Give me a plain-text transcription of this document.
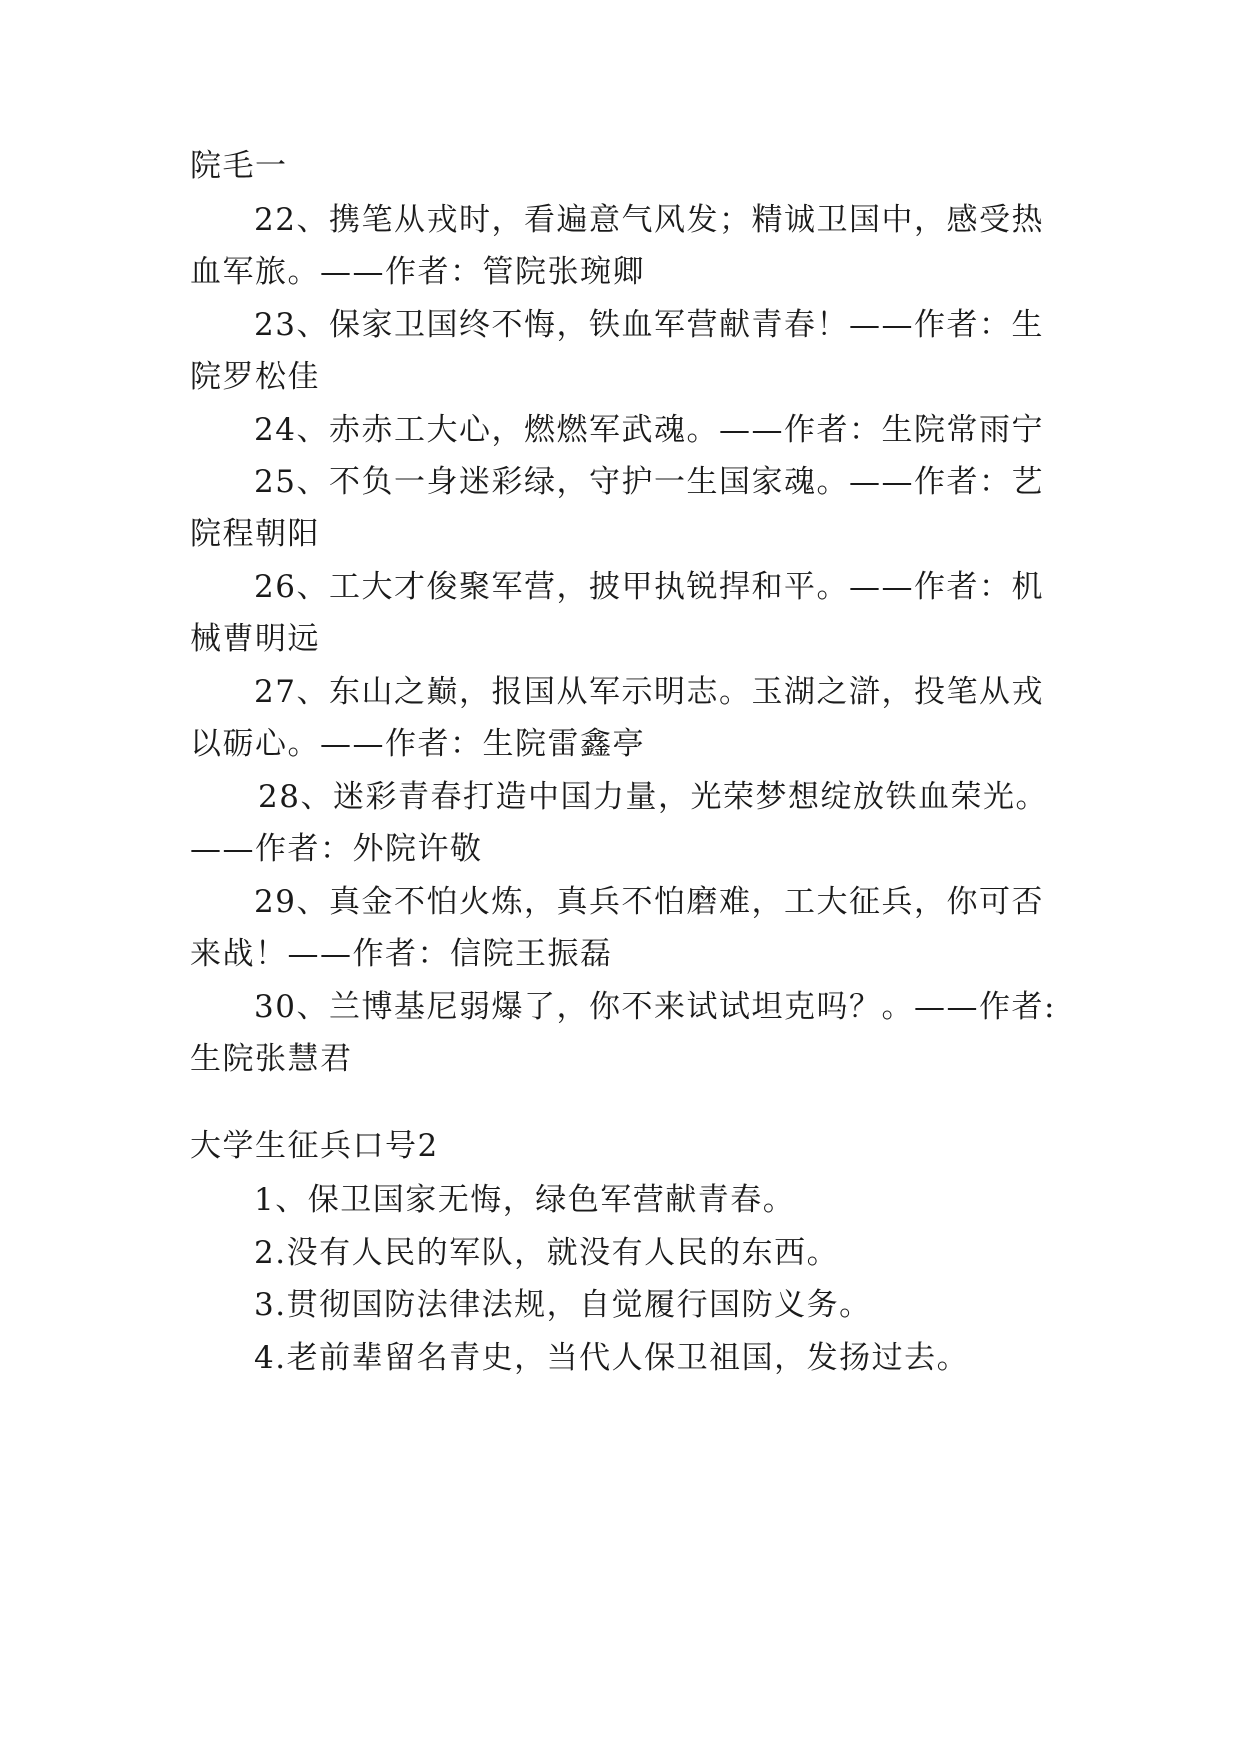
院毛一
22、携笔从戎时，看遍意气风发；精诚卫国中，感受热
血军旅。——作者：管院张琬卿
23、保家卫国终不悔，铁血军营献青春！——作者：生
院罗松佳
24、赤赤工大心，燃燃军武魂。——作者：生院常雨宁
25、不负一身迷彩绿，守护一生国家魂。——作者：艺
院程朝阳
26、工大才俊聚军营，披甲执锐捍和平。——作者：机
械曹明远
27、东山之巅，报国从军示明志。玉湖之滸，投笔从戎
以砺心。——作者：生院雷鑫亭
28、迷彩青春打造中国力量，光荣梦想绽放铁血荣光。
——作者：外院许敬
29、真金不怕火炼，真兵不怕磨难，工大征兵，你可否
来战！——作者：信院王振磊
30、兰博基尼弱爆了，你不来试试坦克吗？。——作者:
生院张慧君
大学生征兵口号2
1、保卫国家无悔，绿色军营献青春。
2.没有人民的军队，就没有人民的东西。
3.贯彻国防法律法规，自觉履行国防义务。
4.老前辈留名青史，当代人保卫祖国，发扬过去。
